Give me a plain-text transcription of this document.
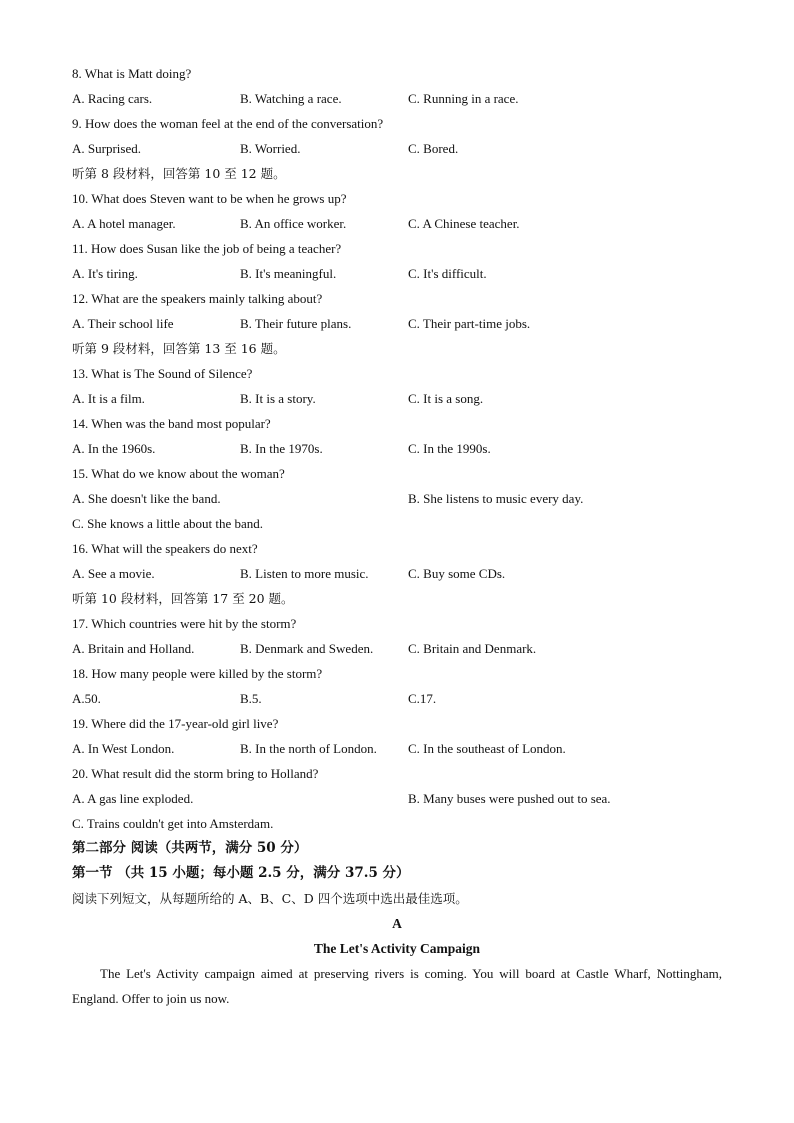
8. What is Matt doing?
A. Racing cars.	B. Watching a race.	C. Running in a race.
9. How does the woman feel at the end of the conversation?
A. Surprised.	B. Worried.	C. Bored.
听第 8 段材料，回答第 10 至 12 题。
10. What does Steven want to be when he grows up?
A. A hotel manager.	B. An office worker.	C. A Chinese teacher.
11. How does Susan like the job of being a teacher?
A. It's tiring.	B. It's meaningful.	C. It's difficult.
12. What are the speakers mainly talking about?
A. Their school life	B. Their future plans.	C. Their part-time jobs.
听第 9 段材料，回答第 13 至 16 题。
13. What is The Sound of Silence?
A. It is a film.	B. It is a story.	C. It is a song.
14. When was the band most popular?
A. In the 1960s.	B. In the 1970s.	C. In the 1990s.
15. What do we know about the woman?
A. She doesn't like the band.	B. She listens to music every day.
C. She knows a little about the band.
16. What will the speakers do next?
A. See a movie.	B. Listen to more music.	C. Buy some CDs.
听第 10 段材料，回答第 17 至 20 题。
17. Which countries were hit by the storm?
A. Britain and Holland.	B. Denmark and Sweden.	C. Britain and Denmark.
18. How many people were killed by the storm?
A.50.	B.5.	C.17.
19. Where did the 17-year-old girl live?
A. In West London.	B. In the north of London. C. In the southeast of London.
20. What result did the storm bring to Holland?
A. A gas line exploded.	B. Many buses were pushed out to sea.
C. Trains couldn't get into Amsterdam.
第二部分 阅读（共两节，满分 50 分）
第一节 （共 15 小题；每小题 2.5 分，满分 37.5 分）
阅读下列短文，从每题所给的 A、B、C、D 四个选项中选出最佳选项。
A
The Let's Activity Campaign
The Let's Activity campaign aimed at preserving rivers is coming. You will board at Castle Wharf, Nottingham, England. Offer to join us now.
